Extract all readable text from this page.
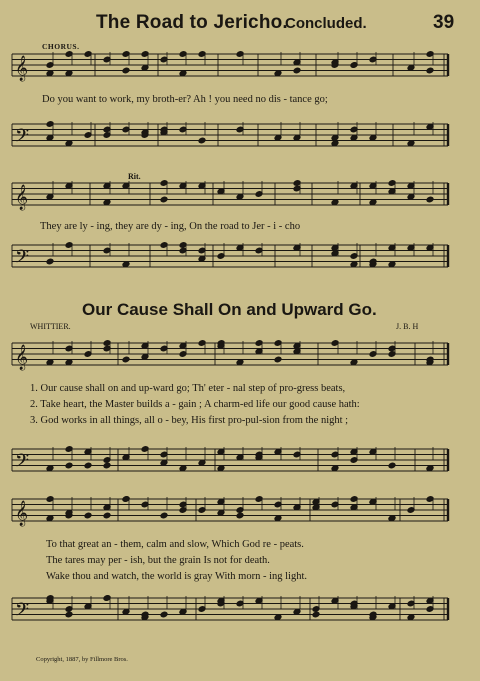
The Road to Jericho.
Concluded.	39
𝄞
𝄢
𝄞
𝄢
𝄞
𝄢
𝄞
𝄢
CHORUS.
Rit.
Do you want to work, my broth-er? Ah ! you need no dis - tance go;
They are ly - ing, they are dy - ing, On the road to Jer - i - cho
Our Cause Shall On and Upward Go.
WHITTIER.	J. B. H
1. Our cause shall on and up-ward go; Th' eter - nal step of pro-gress beats,
2. Take heart, the Master builds a - gain ; A charm-ed life our good cause hath:
3. God works in all things, all o - bey, His first pro-pul-sion from the night ;
To that great an - them, calm and slow, Which God re - peats.
The tares may per - ish, but the grain Is not for death.
Wake thou and watch, the world is gray With morn - ing light.
Copyright, 1887, by Fillmore Bros.
